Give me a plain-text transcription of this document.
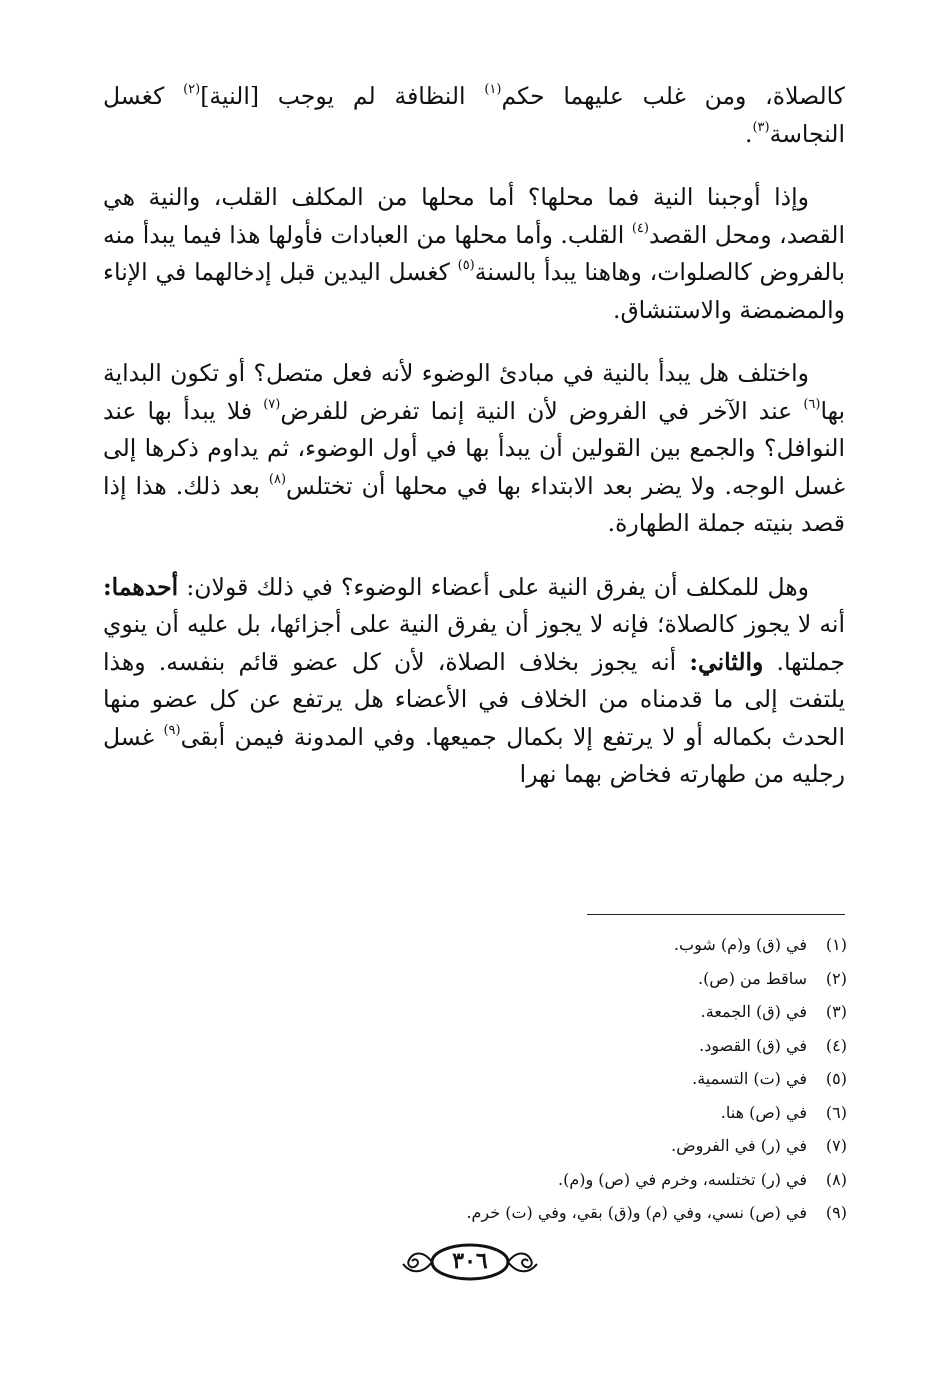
كالصلاة، ومن غلب عليهما حكم$^{(١)}$ النظافة لم يوجب [النية]$^{(٢)}$ كغسل النجاسة$^{(٣)}$.

وإذا أوجبنا النية فما محلها؟ أما محلها من المكلف القلب، والنية هي القصد، ومحل القصد$^{(٤)}$ القلب. وأما محلها من العبادات فأولها هذا فيما يبدأ منه بالفروض كالصلوات، وهاهنا يبدأ بالسنة$^{(٥)}$ كغسل اليدين قبل إدخالهما في الإناء والمضمضة والاستنشاق.

واختلف هل يبدأ بالنية في مبادئ الوضوء لأنه فعل متصل؟ أو تكون البداية بها$^{(٦)}$ عند الآخر في الفروض لأن النية إنما تفرض للفرض$^{(٧)}$ فلا يبدأ بها عند النوافل؟ والجمع بين القولين أن يبدأ بها في أول الوضوء، ثم يداوم ذكرها إلى غسل الوجه. ولا يضر بعد الابتداء بها في محلها أن تختلس$^{(٨)}$ بعد ذلك. هذا إذا قصد بنيته جملة الطهارة.

وهل للمكلف أن يفرق النية على أعضاء الوضوء؟ في ذلك قولان: أحدهما: أنه لا يجوز كالصلاة؛ فإنه لا يجوز أن يفرق النية على أجزائها، بل عليه أن ينوي جملتها. والثاني: أنه يجوز بخلاف الصلاة، لأن كل عضو قائم بنفسه. وهذا يلتفت إلى ما قدمناه من الخلاف في الأعضاء هل يرتفع عن كل عضو منها الحدث بكماله أو لا يرتفع إلا بكمال جميعها. وفي المدونة فيمن أبقى$^{(٩)}$ غسل رجليه من طهارته فخاض بهما نهرا

(١)في (ق) و(م) شوب.
(٢)ساقط من (ص).
(٣)في (ق) الجمعة.
(٤)في (ق) القصود.
(٥)في (ت) التسمية.
(٦)في (ص) هنا.
(٧)في (ر) في الفروض.
(٨)في (ر) تختلسه، وخرم في (ص) و(م).
(٩)في (ص) نسي، وفي (م) و(ق) بقي، وفي (ت) خرم.
٣٠٦
